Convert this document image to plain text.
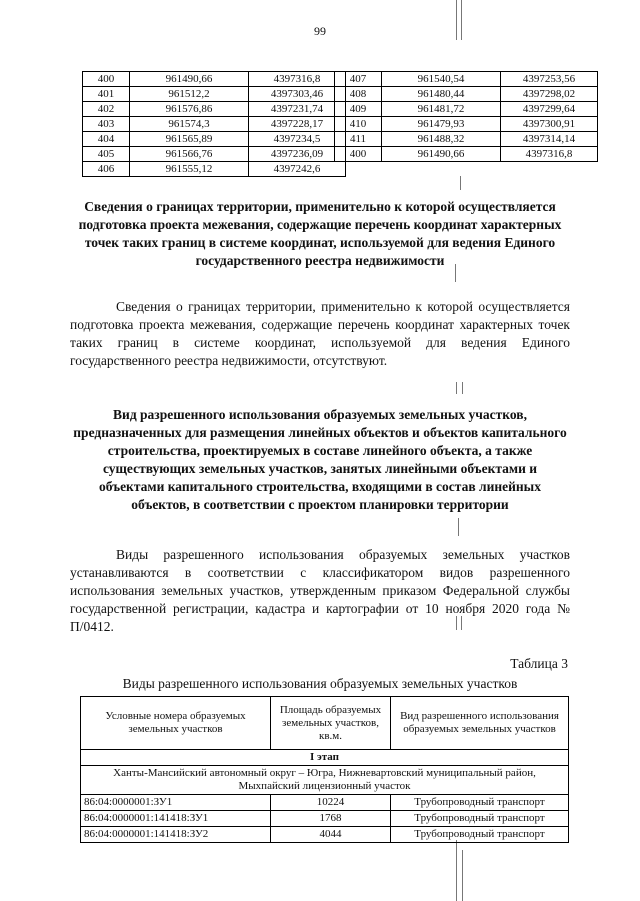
99
400	961490,66	4397316,8
401	961512,2	4397303,46
402	961576,86	4397231,74
403	961574,3	4397228,17
404	961565,89	4397234,5
405	961566,76	4397236,09
406	961555,12	4397242,6
407	961540,54	4397253,56
408	961480,44	4397298,02
409	961481,72	4397299,64
410	961479,93	4397300,91
411	961488,32	4397314,14
400	961490,66	4397316,8
Сведения о границах территории, применительно к которой осуществляется подготовка проекта межевания, содержащие перечень координат характерных точек таких границ в системе координат, используемой для ведения Единого государственного реестра недвижимости
Сведения о границах территории, применительно к которой осуществляется подготовка проекта межевания, содержащие перечень координат характерных точек таких границ в системе координат, используемой для ведения Единого государственного реестра недвижимости, отсутствуют.
Вид разрешенного использования образуемых земельных участков, предназначенных для размещения линейных объектов и объектов капитального строительства, проектируемых в составе линейного объекта, а также существующих земельных участков, занятых линейными объектами и объектами капитального строительства, входящими в состав линейных объектов, в соответствии с проектом планировки территории
Виды разрешенного использования образуемых земельных участков устанавливаются в соответствии с классификатором видов разрешенного использования земельных участков, утвержденным приказом Федеральной службы государственной регистрации, кадастра и картографии от 10 ноября 2020 года № П/0412.
Таблица 3
Виды разрешенного использования образуемых земельных участков
Условные номера образуемых земельных участков	Площадь образуемых земельных участков, кв.м.	Вид разрешенного использования образуемых земельных участков
I этап		
Ханты-Мансийский автономный округ – Югра, Нижневартовский муниципальный район, Мыхпайский лицензионный участок		
86:04:0000001:ЗУ1	10224	Трубопроводный транспорт
86:04:0000001:141418:ЗУ1	1768	Трубопроводный транспорт
86:04:0000001:141418:ЗУ2	4044	Трубопроводный транспорт
